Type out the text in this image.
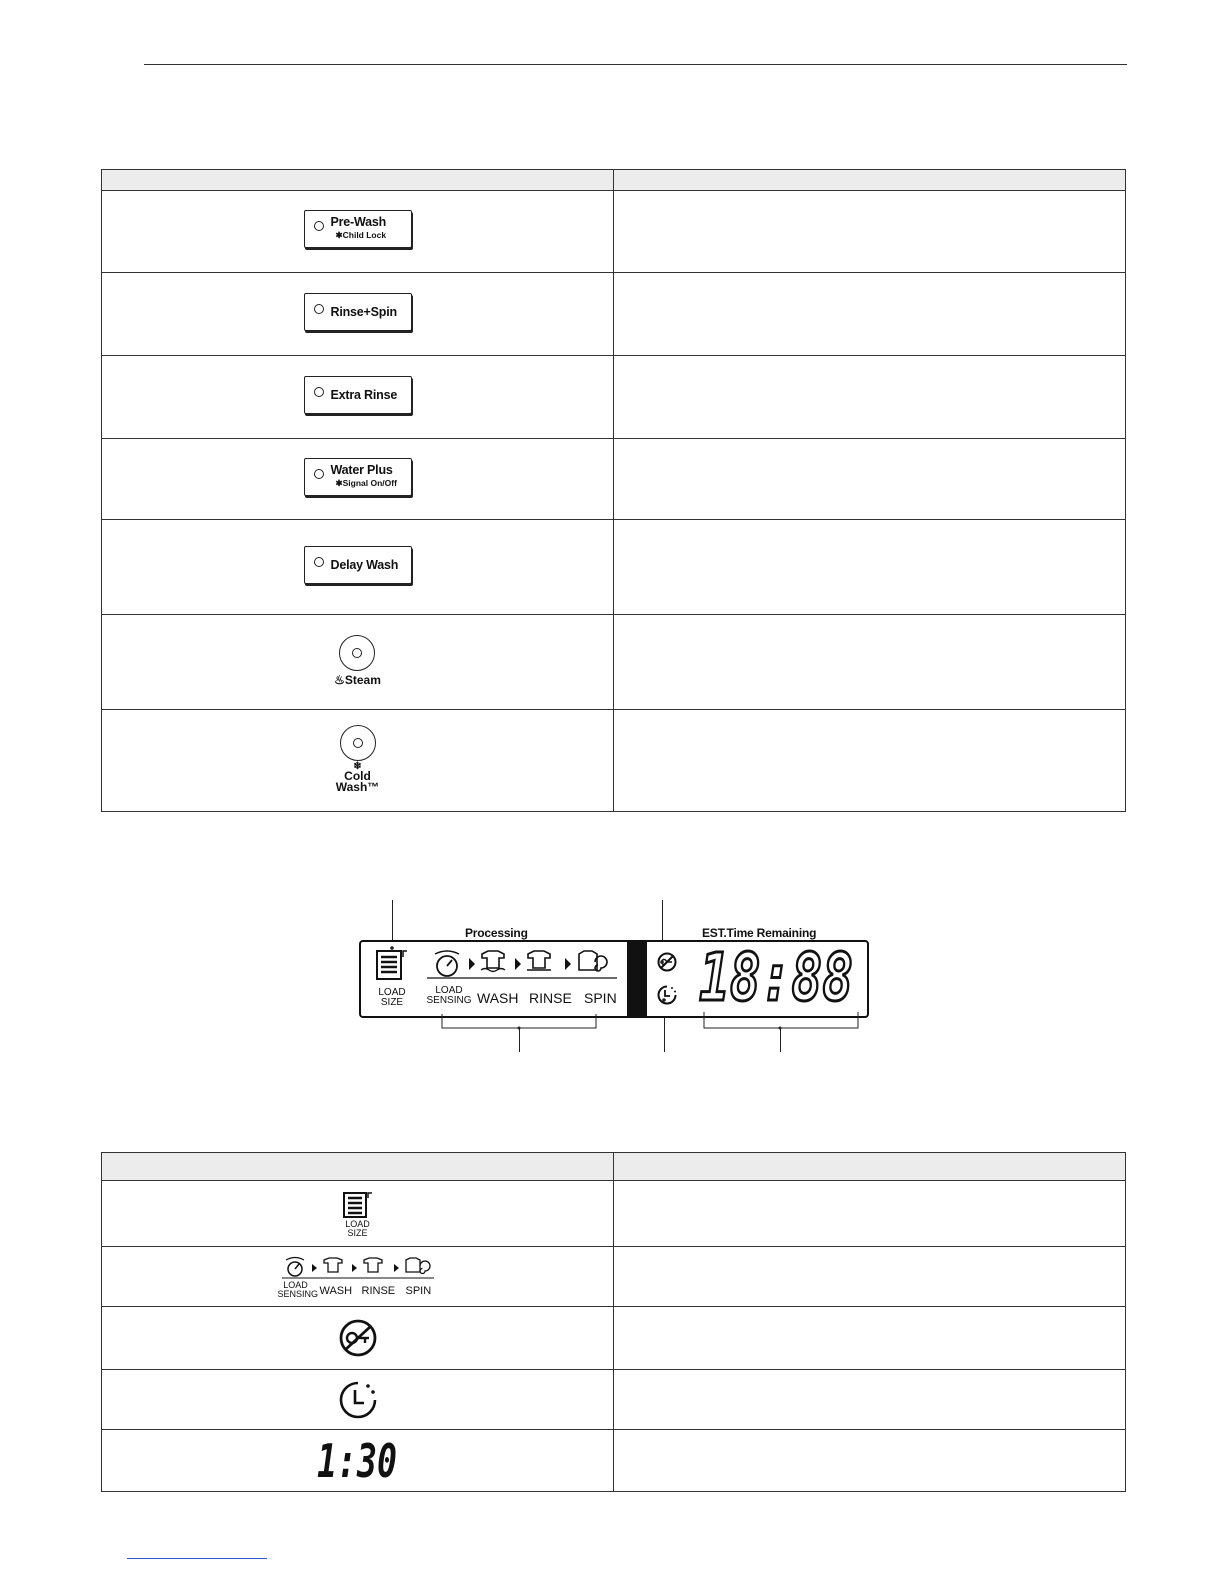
Pre-Wash
✱Child Lock	

Rinse+Spin	

Extra Rinse	

Water Plus
✱Signal On/Off	

Delay Wash	

♨Steam	

❄
Cold
Wash™	

Processing	EST.Time Remaining
LOAD
SIZE
LOAD
SENSING WASH RINSE SPIN 18:88

LOAD
SIZE	

LOAD
SENSING WASH RINSE SPIN	

1:30	
